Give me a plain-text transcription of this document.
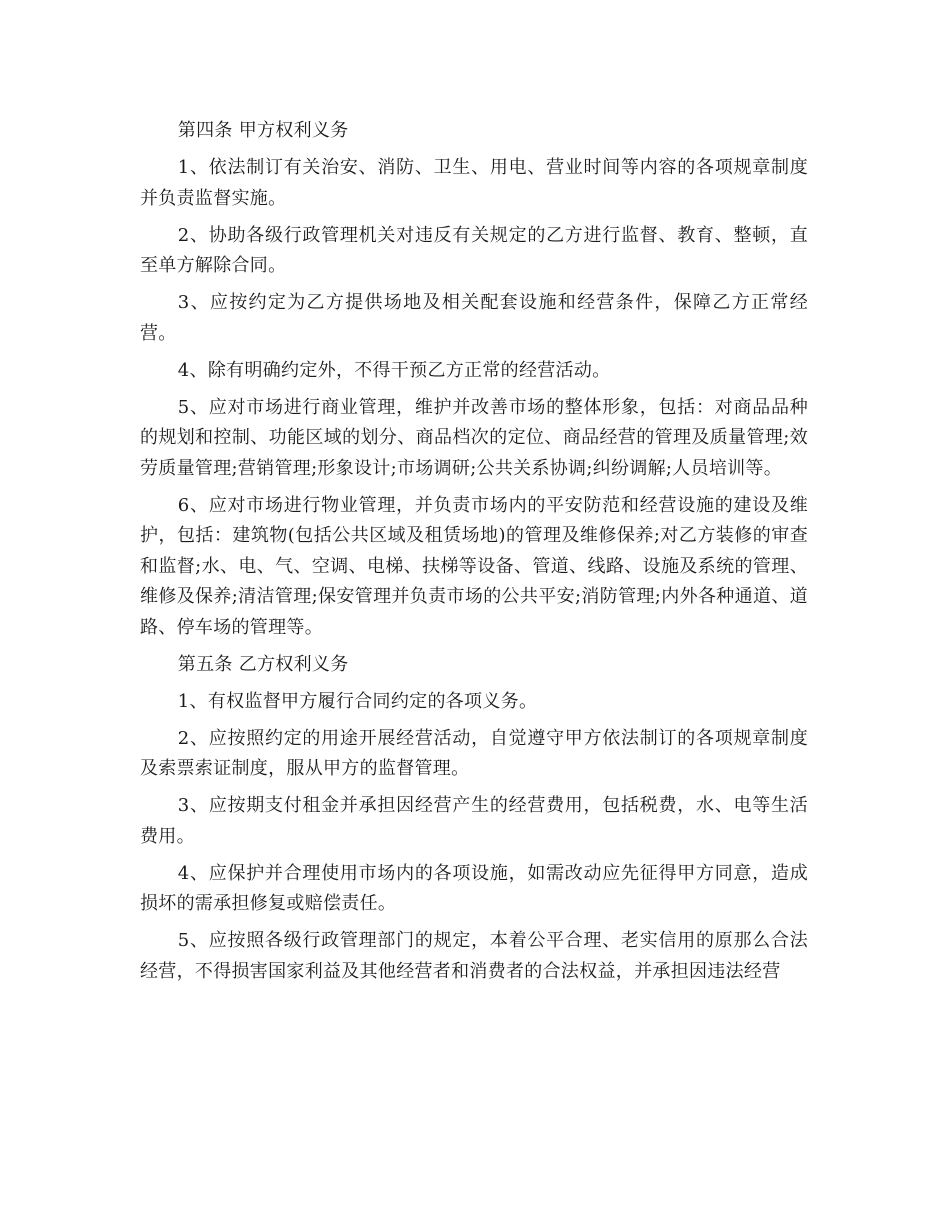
第四条 甲方权利义务

1、依法制订有关治安、消防、卫生、用电、营业时间等内容的各项规章制度并负责监督实施。

2、协助各级行政管理机关对违反有关规定的乙方进行监督、教育、整顿，直至单方解除合同。

3、应按约定为乙方提供场地及相关配套设施和经营条件，保障乙方正常经营。

4、除有明确约定外，不得干预乙方正常的经营活动。

5、应对市场进行商业管理，维护并改善市场的整体形象，包括：对商品品种的规划和控制、功能区域的划分、商品档次的定位、商品经营的管理及质量管理;效劳质量管理;营销管理;形象设计;市场调研;公共关系协调;纠纷调解;人员培训等。

6、应对市场进行物业管理，并负责市场内的平安防范和经营设施的建设及维护，包括：建筑物(包括公共区域及租赁场地)的管理及维修保养;对乙方装修的审查和监督;水、电、气、空调、电梯、扶梯等设备、管道、线路、设施及系统的管理、维修及保养;清洁管理;保安管理并负责市场的公共平安;消防管理;内外各种通道、道路、停车场的管理等。

第五条 乙方权利义务

1、有权监督甲方履行合同约定的各项义务。

2、应按照约定的用途开展经营活动，自觉遵守甲方依法制订的各项规章制度及索票索证制度，服从甲方的监督管理。

3、应按期支付租金并承担因经营产生的经营费用，包括税费，水、电等生活费用。

4、应保护并合理使用市场内的各项设施，如需改动应先征得甲方同意，造成损坏的需承担修复或赔偿责任。

5、应按照各级行政管理部门的规定，本着公平合理、老实信用的原那么合法经营，不得损害国家利益及其他经营者和消费者的合法权益，并承担因违法经营
